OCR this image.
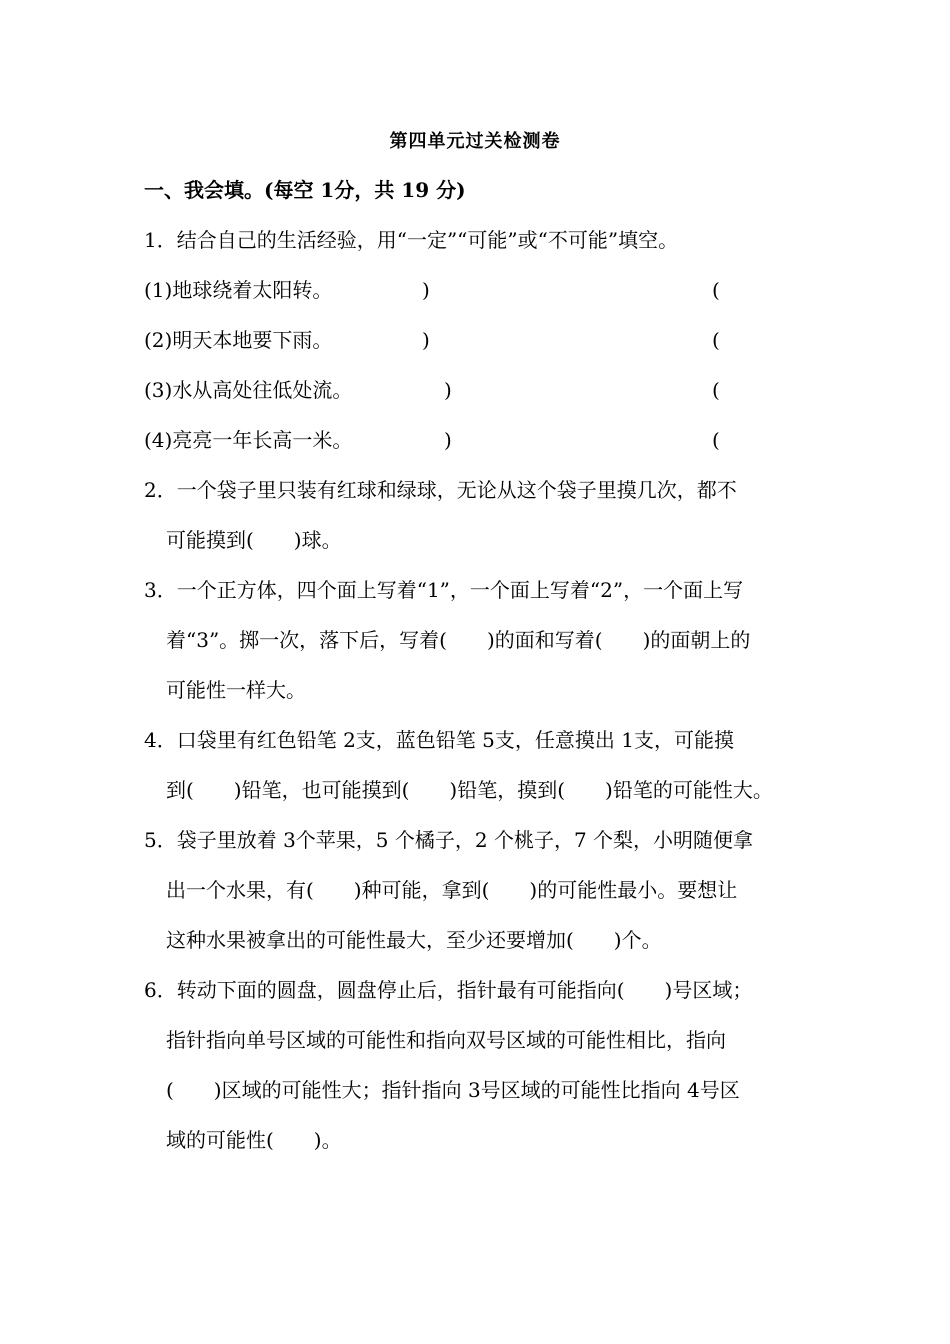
第四单元过关检测卷
一、我会填。(每空 1分，共 19 分)
1．结合自己的生活经验，用“一定”“可能”或“不可能”填空。
(1)地球绕着太阳转。	)	(
(2)明天本地要下雨。	)	(
(3)水从高处往低处流。	)	(
(4)亮亮一年长高一米。	)	(
2．一个袋子里只装有红球和绿球，无论从这个袋子里摸几次，都不
可能摸到(　　)球。
3．一个正方体，四个面上写着“1”，一个面上写着“2”，一个面上写
着“3”。掷一次，落下后，写着(　　)的面和写着(　　)的面朝上的
可能性一样大。
4．口袋里有红色铅笔 2支，蓝色铅笔 5支，任意摸出 1支，可能摸
到(　　)铅笔，也可能摸到(　　)铅笔，摸到(　　)铅笔的可能性大。
5．袋子里放着 3个苹果，5 个橘子，2 个桃子，7 个梨，小明随便拿
出一个水果，有(　　)种可能，拿到(　　)的可能性最小。要想让
这种水果被拿出的可能性最大，至少还要增加(　　)个。
6．转动下面的圆盘，圆盘停止后，指针最有可能指向(　　)号区域；
指针指向单号区域的可能性和指向双号区域的可能性相比，指向
(　　)区域的可能性大；指针指向 3号区域的可能性比指向 4号区
域的可能性(　　)。
